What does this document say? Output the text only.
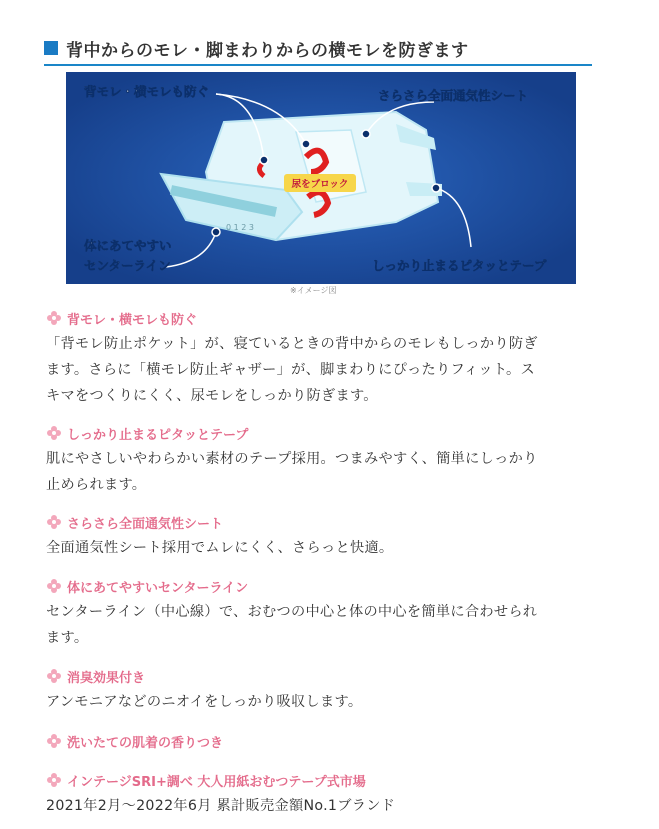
背中からのモレ・脚まわりからの横モレを防ぎます
尿をブロック
0 1 2 3
背モレ・横モレも防ぐ	さらさら全面通気性シート
体にあてやすい
センターライン	しっかり止まるピタッとテープ
※イメージ図
背モレ・横モレも防ぐ
「背モレ防止ポケット」が、寝ているときの背中からのモレもしっかり防ぎ
ます。さらに「横モレ防止ギャザー」が、脚まわりにぴったりフィット。ス
キマをつくりにくく、尿モレをしっかり防ぎます。
しっかり止まるピタッとテープ
肌にやさしいやわらかい素材のテープ採用。つまみやすく、簡単にしっかり
止められます。
さらさら全面通気性シート
全面通気性シート採用でムレにくく、さらっと快適。
体にあてやすいセンターライン
センターライン（中心線）で、おむつの中心と体の中心を簡単に合わせられ
ます。
消臭効果付き
アンモニアなどのニオイをしっかり吸収します。
洗いたての肌着の香りつき
インテージSRI+調べ 大人用紙おむつテープ式市場
2021年2月～2022年6月 累計販売金額No.1ブランド
